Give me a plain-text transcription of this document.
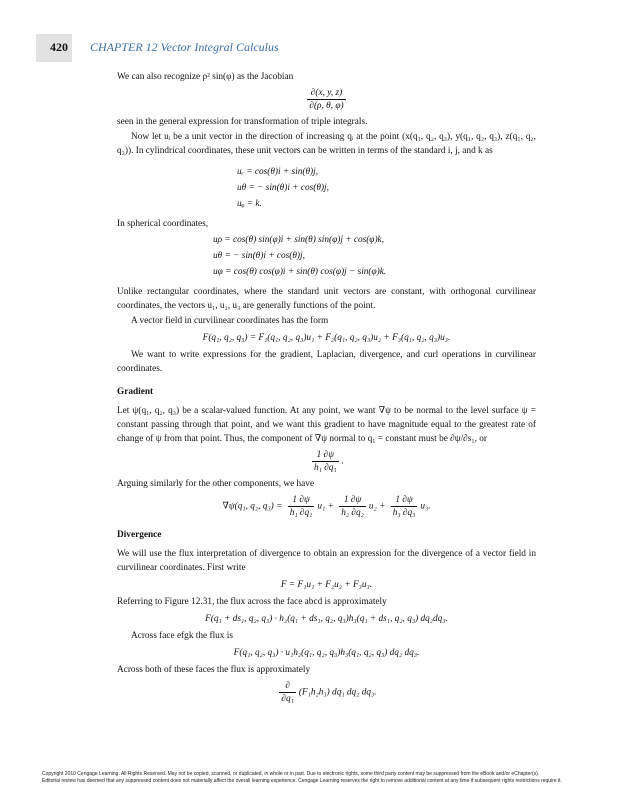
420 CHAPTER 12 Vector Integral Calculus

We can also recognize ρ² sin(φ) as the Jacobian

$\frac{\partial(x, y, z)}{\partial(\rho, \theta, \varphi)}$

seen in the general expression for transformation of triple integrals.

Now let uᵢ be a unit vector in the direction of increasing qᵢ at the point (x(q₁, q₂, q₃), y(q₁, q₂, q₃), z(q₁, q₂, q₃)). In cylindrical coordinates, these unit vectors can be written in terms of the standard i, j, and k as

uᵣ = cos(θ)i + sin(θ)j,
uθ = − sin(θ)i + cos(θ)j,
uᵩ = k.

In spherical coordinates,

uρ = cos(θ) sin(φ)i + sin(θ) sin(φ)j + cos(φ)k,
uθ = − sin(θ)i + cos(θ)j,
uφ = cos(θ) cos(φ)i + sin(θ) cos(φ)j − sin(φ)k.

Unlike rectangular coordinates, where the standard unit vectors are constant, with orthogonal curvilinear coordinates, the vectors u₁, u₂, u₃ are generally functions of the point.

A vector field in curvilinear coordinates has the form

F(q₁, q₂, q₃) = F₁(q₁, q₂, q₃)u₁ + F₂(q₁, q₂, q₃)u₂ + F₃(q₁, q₂, q₃)u₃.

We want to write expressions for the gradient, Laplacian, divergence, and curl operations in curvilinear coordinates.

Gradient

Let ψ(q₁, q₂, q₃) be a scalar-valued function. At any point, we want ∇ψ to be normal to the level surface ψ = constant passing through that point, and we want this gradient to have magnitude equal to the greatest rate of change of ψ from that point. Thus, the component of ∇ψ normal to q₁ = constant must be ∂ψ/∂s₁, or

$\frac{1 \partial\psi}{\text{h₁ ∂q₁}}$ .

Arguing similarly for the other components, we have

∇ψ(q₁, q₂, $q_3) = \frac{1 \partial\psi}{\text{h₁ ∂q₁}} u_1 + \frac{1 \partial\psi}{\text{h₂ ∂q₂}} u_2 + \frac{1 \partial\psi}{\text{h₃ ∂q₃}} u_3$.
Divergence

We will use the flux interpretation of divergence to obtain an expression for the divergence of a vector field in curvilinear coordinates. First write

F = F₁u₁ + F₂u₂ + F₃u₃.

Referring to Figure 12.31, the flux across the face abcd is approximately

F(q₁ + ds₁, q₂, q₃) · h₂(q₁ + ds₁, q₂, q₃)h₃(q₁ + ds₁, q₂, q₃) dq₂dq₃.

Across face efgk the flux is

F(q₁, q₂, q₃) · u₁h₂(q₁, q₂, q₃)h₃(q₁, q₂, q₃) dq₂ dq₃.

Across both of these faces the flux is approximately

$\frac{\partial}{\text{∂q₁}} (F_1h_2h_3)$ dq₁ dq₂ dq₃.
Copyright 2010 Cengage Learning. All Rights Reserved. May not be copied, scanned, or duplicated, in whole or in part. Due to electronic rights, some third party content may be suppressed from the eBook and/or eChapter(s).
Editorial review has deemed that any suppressed content does not materially affect the overall learning experience. Cengage Learning reserves the right to remove additional content at any time if subsequent rights restrictions require it.
